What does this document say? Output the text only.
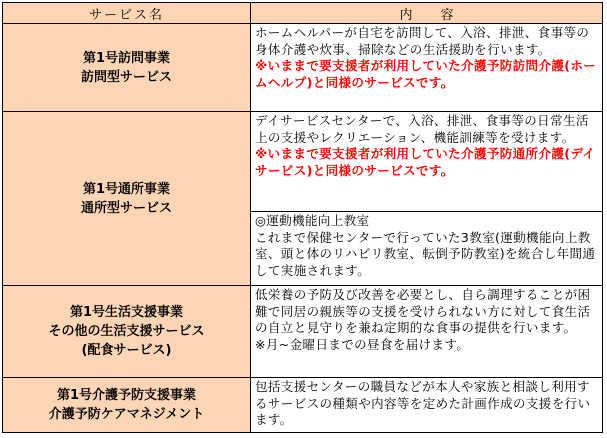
サービス名	内容

第1号訪問事業
訪問型サービス	ホームヘルパーが自宅を訪問して、入浴、排泄、食事等の身体介護や炊事、掃除などの生活援助を行います。
※いままで要支援者が利用していた介護予防訪問介護(ホームヘルプ)と同様のサービスです。

第1号通所事業
通所型サービス	デイサービスセンターで、入浴、排泄、食事等の日常生活上の支援やレクリエーション、機能訓練等を受けます。
※いままで要支援者が利用していた介護予防通所介護(デイサービス)と同様のサービスです。

	◎運動機能向上教室
これまで保健センターで行っていた3教室(運動機能向上教室、頭と体のリハビリ教室、転倒予防教室)を統合し年間通して実施されます。

第1号生活支援事業
その他の生活支援サービス
(配食サービス)	低栄養の予防及び改善を必要とし、自ら調理することが困難で同居の親族等の支援を受けられない方に対して食生活の自立と見守りを兼ね定期的な食事の提供を行います。
※月~金曜日までの昼食を届けます。

第1号介護予防支援事業
介護予防ケアマネジメント	包括支援センターの職員などが本人や家族と相談し利用するサービスの種類や内容等を定めた計画作成の支援を行います。
